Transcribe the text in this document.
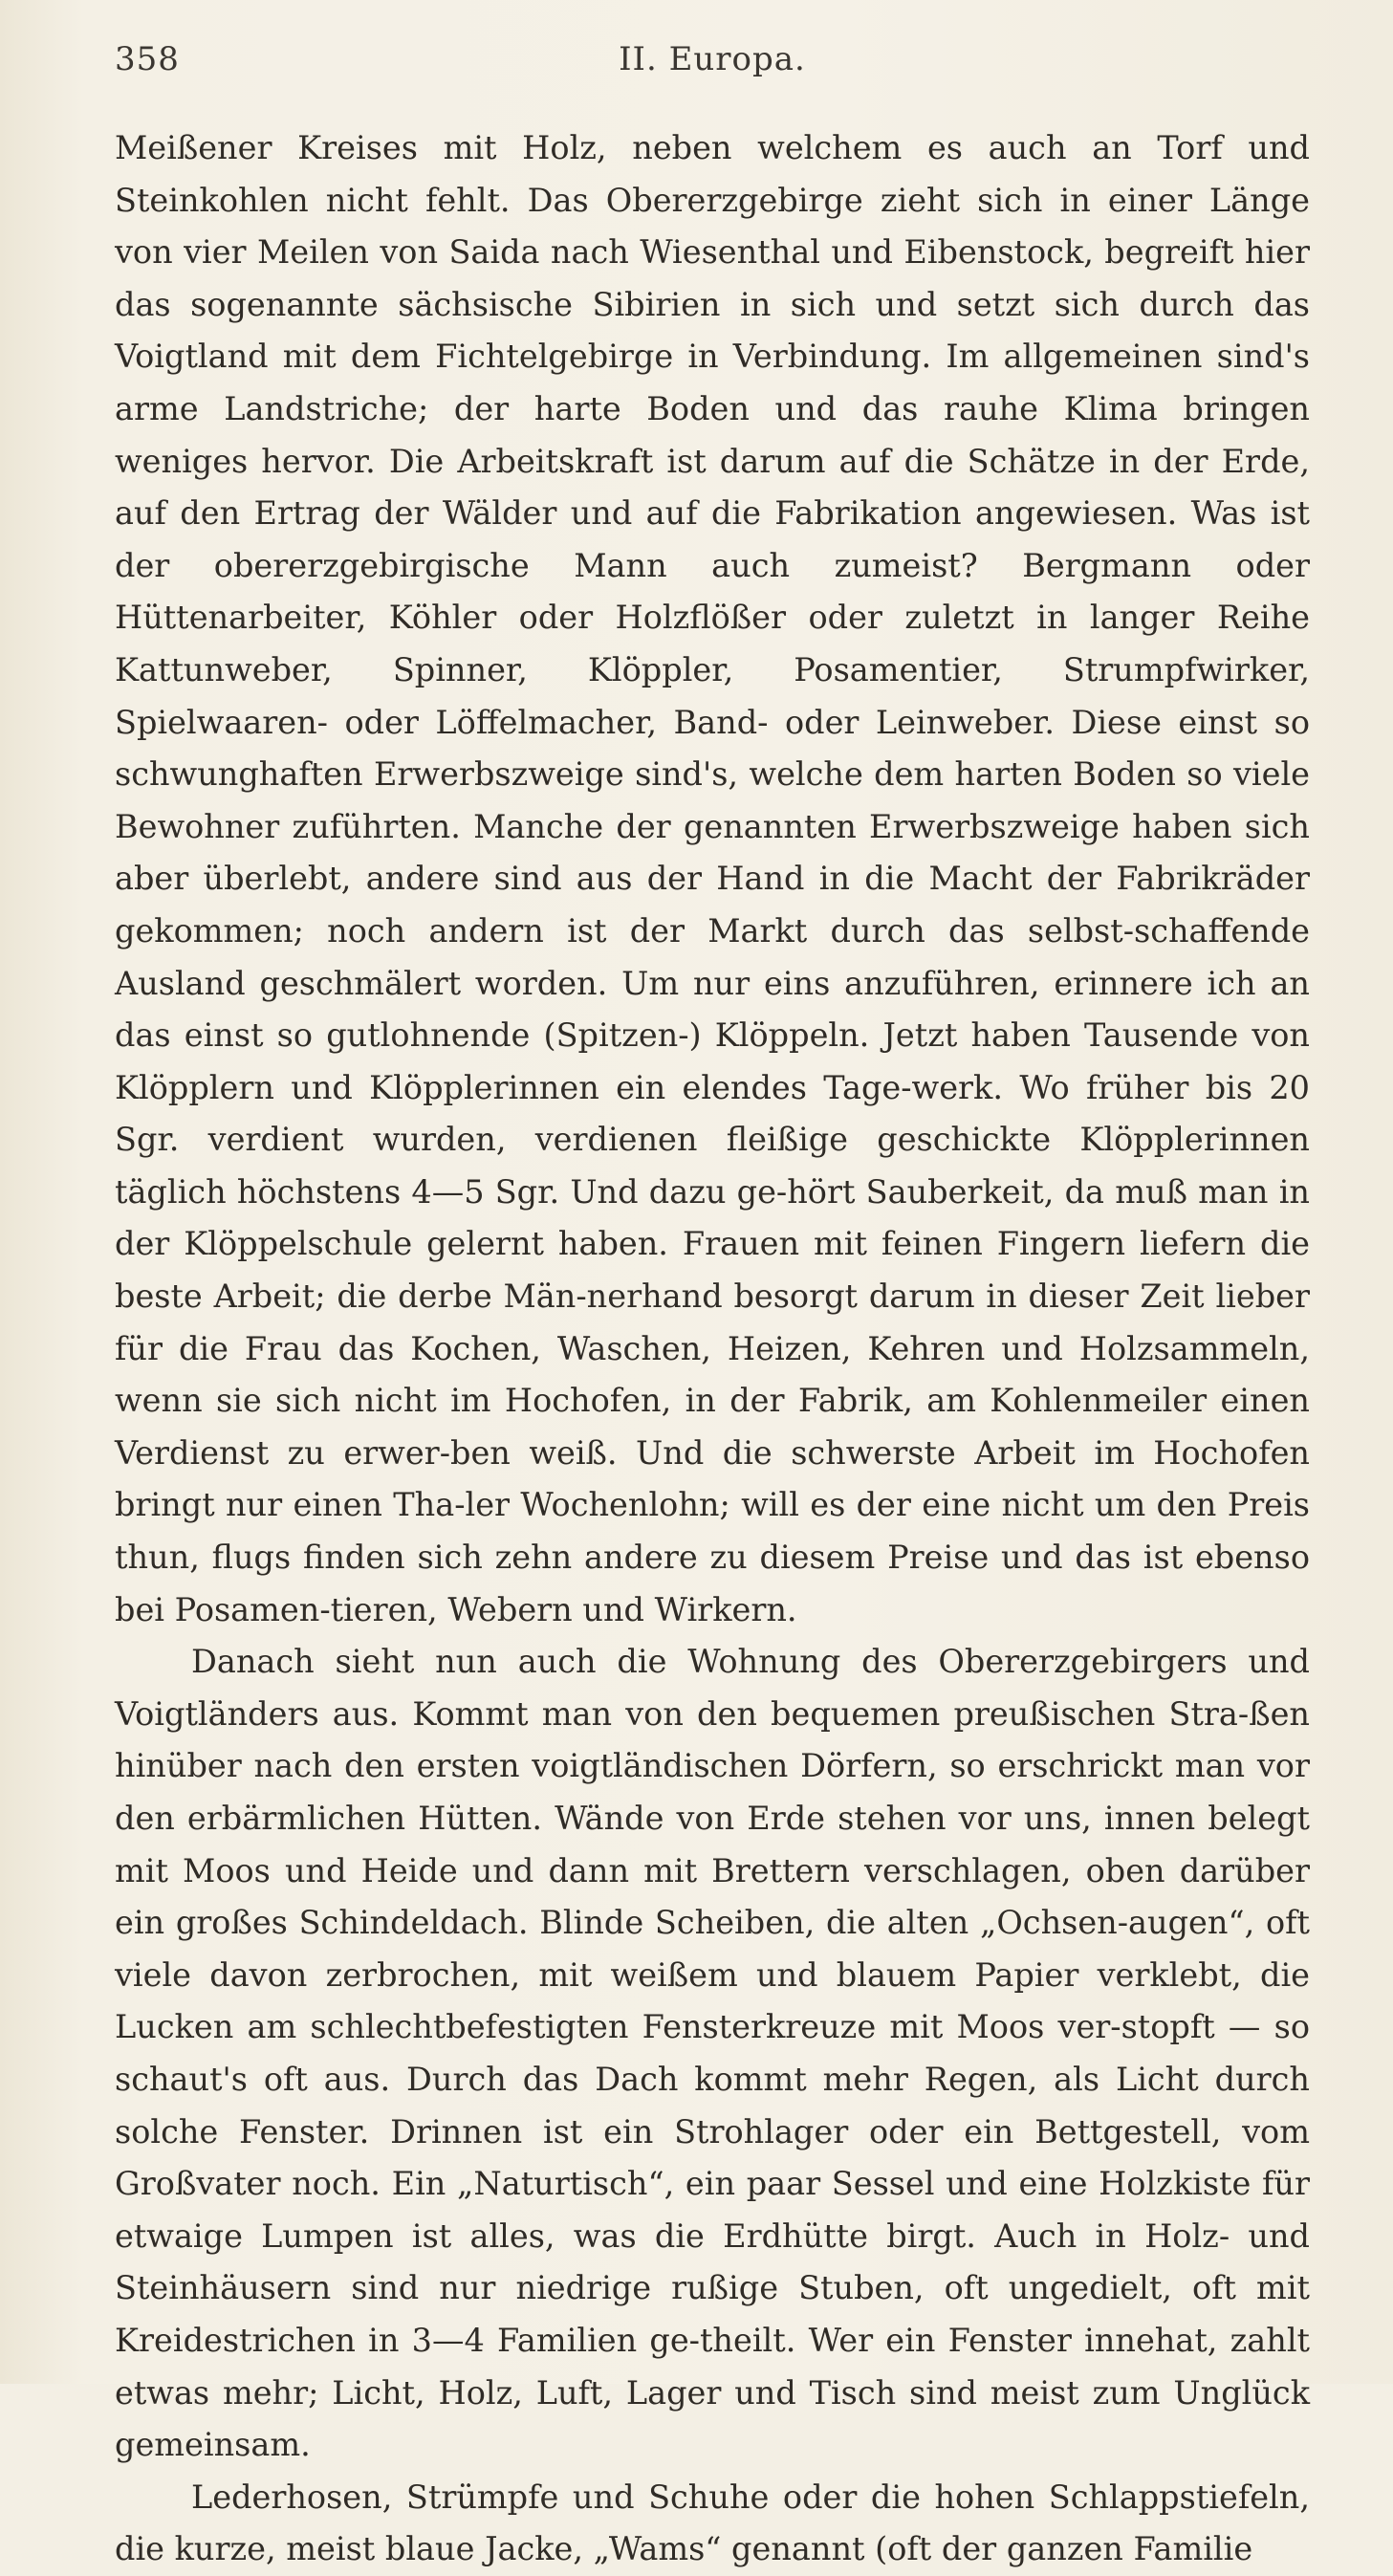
358	II. Europa.

Meißener Kreises mit Holz, neben welchem es auch an Torf und Steinkohlen nicht fehlt. Das Obererzgebirge zieht sich in einer Länge von vier Meilen von Saida nach Wiesenthal und Eibenstock, begreift hier das sogenannte sächsische Sibirien in sich und setzt sich durch das Voigtland mit dem Fichtelgebirge in Verbindung. Im allgemeinen sind's arme Landstriche; der harte Boden und das rauhe Klima bringen weniges hervor. Die Arbeitskraft ist darum auf die Schätze in der Erde, auf den Ertrag der Wälder und auf die Fabrikation angewiesen. Was ist der obererzgebirgische Mann auch zumeist? Bergmann oder Hüttenarbeiter, Köhler oder Holzflößer oder zuletzt in langer Reihe Kattunweber, Spinner, Klöppler, Posamentier, Strumpfwirker, Spielwaaren- oder Löffelmacher, Band- oder Leinweber. Diese einst so schwunghaften Erwerbszweige sind's, welche dem harten Boden so viele Bewohner zuführten. Manche der genannten Erwerbszweige haben sich aber überlebt, andere sind aus der Hand in die Macht der Fabrikräder gekommen; noch andern ist der Markt durch das selbst-schaffende Ausland geschmälert worden. Um nur eins anzuführen, erinnere ich an das einst so gutlohnende (Spitzen-) Klöppeln. Jetzt haben Tausende von Klöpplern und Klöpplerinnen ein elendes Tage-werk. Wo früher bis 20 Sgr. verdient wurden, verdienen fleißige geschickte Klöpplerinnen täglich höchstens 4—5 Sgr. Und dazu ge-hört Sauberkeit, da muß man in der Klöppelschule gelernt haben. Frauen mit feinen Fingern liefern die beste Arbeit; die derbe Män-nerhand besorgt darum in dieser Zeit lieber für die Frau das Kochen, Waschen, Heizen, Kehren und Holzsammeln, wenn sie sich nicht im Hochofen, in der Fabrik, am Kohlenmeiler einen Verdienst zu erwer-ben weiß. Und die schwerste Arbeit im Hochofen bringt nur einen Tha-ler Wochenlohn; will es der eine nicht um den Preis thun, flugs finden sich zehn andere zu diesem Preise und das ist ebenso bei Posamen-tieren, Webern und Wirkern.

Danach sieht nun auch die Wohnung des Obererzgebirgers und Voigtländers aus. Kommt man von den bequemen preußischen Stra-ßen hinüber nach den ersten voigtländischen Dörfern, so erschrickt man vor den erbärmlichen Hütten. Wände von Erde stehen vor uns, innen belegt mit Moos und Heide und dann mit Brettern verschlagen, oben darüber ein großes Schindeldach. Blinde Scheiben, die alten „Ochsen-augen“, oft viele davon zerbrochen, mit weißem und blauem Papier verklebt, die Lucken am schlechtbefestigten Fensterkreuze mit Moos ver-stopft — so schaut's oft aus. Durch das Dach kommt mehr Regen, als Licht durch solche Fenster. Drinnen ist ein Strohlager oder ein Bettgestell, vom Großvater noch. Ein „Naturtisch“, ein paar Sessel und eine Holzkiste für etwaige Lumpen ist alles, was die Erdhütte birgt. Auch in Holz- und Steinhäusern sind nur niedrige rußige Stuben, oft ungedielt, oft mit Kreidestrichen in 3—4 Familien ge-theilt. Wer ein Fenster innehat, zahlt etwas mehr; Licht, Holz, Luft, Lager und Tisch sind meist zum Unglück gemeinsam.

Lederhosen, Strümpfe und Schuhe oder die hohen Schlappstiefeln, die kurze, meist blaue Jacke, „Wams“ genannt (oft der ganzen Familie
